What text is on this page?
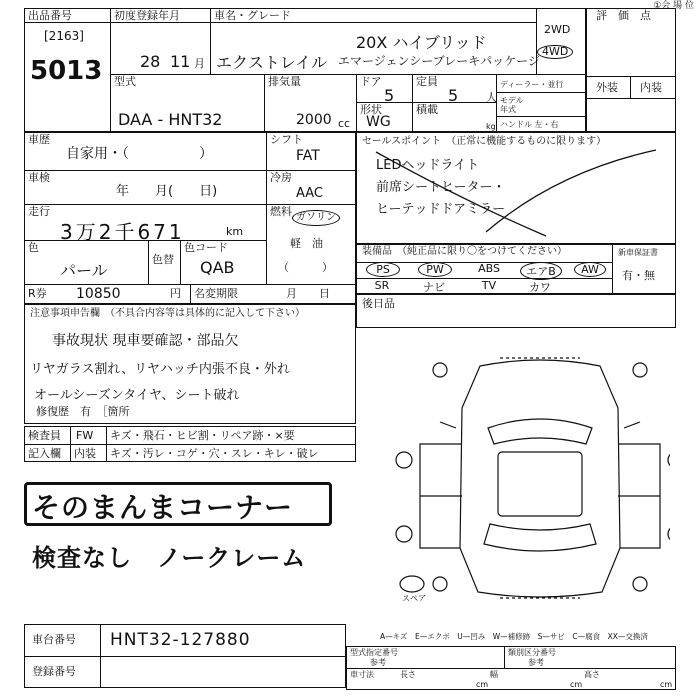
①会 場 位
出品番号
[2163]
5013
初度登録年月
28 11 月
車名・グレード
エクストレイル
20X ハイブリッド
エマージェンシーブレーキパッケージ
2WD
4WD
評　価　点
外装 内装
型式
DAA - HNT32
排気量
2000 cc
ドア
5
定員
5	人
形状
WG
積載
kg
ディーラー・並行
モデル年式
ハンドル 左・右
車歴
自家用・（　　　　　）
シフト
FAT
車検
年　　月(　　日)
冷房
AAC
走行
3万2千671	km
燃料 ガソリン
軽　油
（　　　）
色
パール
色替
色コード
QAB
R券 10850	円 名変期限	月　　日
セールスポイント　（正常に機能するものに限ります）
LEDヘッドライト
前席シートヒーター・
ヒーテッドドアミラー
装備品　（純正品に限り〇をつけてください）	新車保証書
有・無
PS	PW	ABS	エアB	AW
SR	ナビ	TV	カワ
後日品
注意事項申告欄　（不具合内容等は具体的に記入して下さい）
事故現状 現車要確認・部品欠
リヤガラス割れ、リヤハッチ内張不良・外れ
オールシーズンタイヤ、シート破れ
修復歴　有　［箇所
検査員
記入欄
FW キズ・飛石・ヒビ割・リペア跡・×要
内装 キズ・汚レ・コゲ・穴・スレ・キレ・破レ
そのまんまコーナー
検査なし　ノークレーム
スペア
A—キズ　E—エクボ　U—凹み　W—補修跡　S—サビ　C—腐食　XX—交換済
車台番号 HNT32-127880
登録番号
型式指定番号
参考
類別区分番号
参考
車寸法	長さ
cm
幅
cm
高さ
cm
